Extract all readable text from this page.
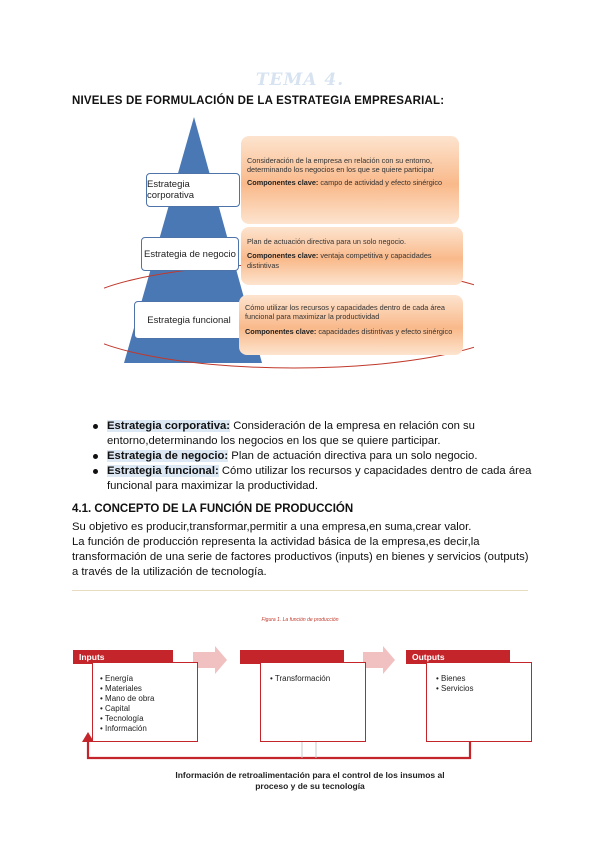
TEMA 4.
NIVELES DE FORMULACIÓN DE LA ESTRATEGIA EMPRESARIAL:
Estrategia corporativa
Estrategia de negocio
Estrategia funcional
Consideración de la empresa en relación con su entorno, determinando los negocios en los que se quiere participar
Componentes clave: campo de actividad y efecto sinérgico
Plan de actuación directiva para un solo negocio.
Componentes clave: ventaja competitiva y capacidades distintivas
Cómo utilizar los recursos y capacidades dentro de cada área funcional para maximizar la productividad
Componentes clave: capacidades distintivas y efecto sinérgico
Estrategia corporativa: Consideración de la empresa en relación con su entorno,determinando los negocios en los que se quiere participar.
Estrategia de negocio: Plan de actuación directiva para un solo negocio.
Estrategia funcional: Cómo utilizar los recursos y capacidades dentro de cada área funcional para maximizar la productividad.
4.1. CONCEPTO DE LA FUNCIÓN DE PRODUCCIÓN
Su objetivo es producir,transformar,permitir a una empresa,en suma,crear valor.
La función de producción representa la actividad básica de la empresa,es decir,la transformación de una serie de factores productivos (inputs) en bienes y servicios (outputs) a través de la utilización de tecnología.
Figura 1. La función de producción
Inputs
• Energía
• Materiales
• Mano de obra
• Capital
• Tecnología
• Información
• Transformación
Outputs
• Bienes
• Servicios
Información de retroalimentación para el control de los insumos al
proceso y de su tecnología
